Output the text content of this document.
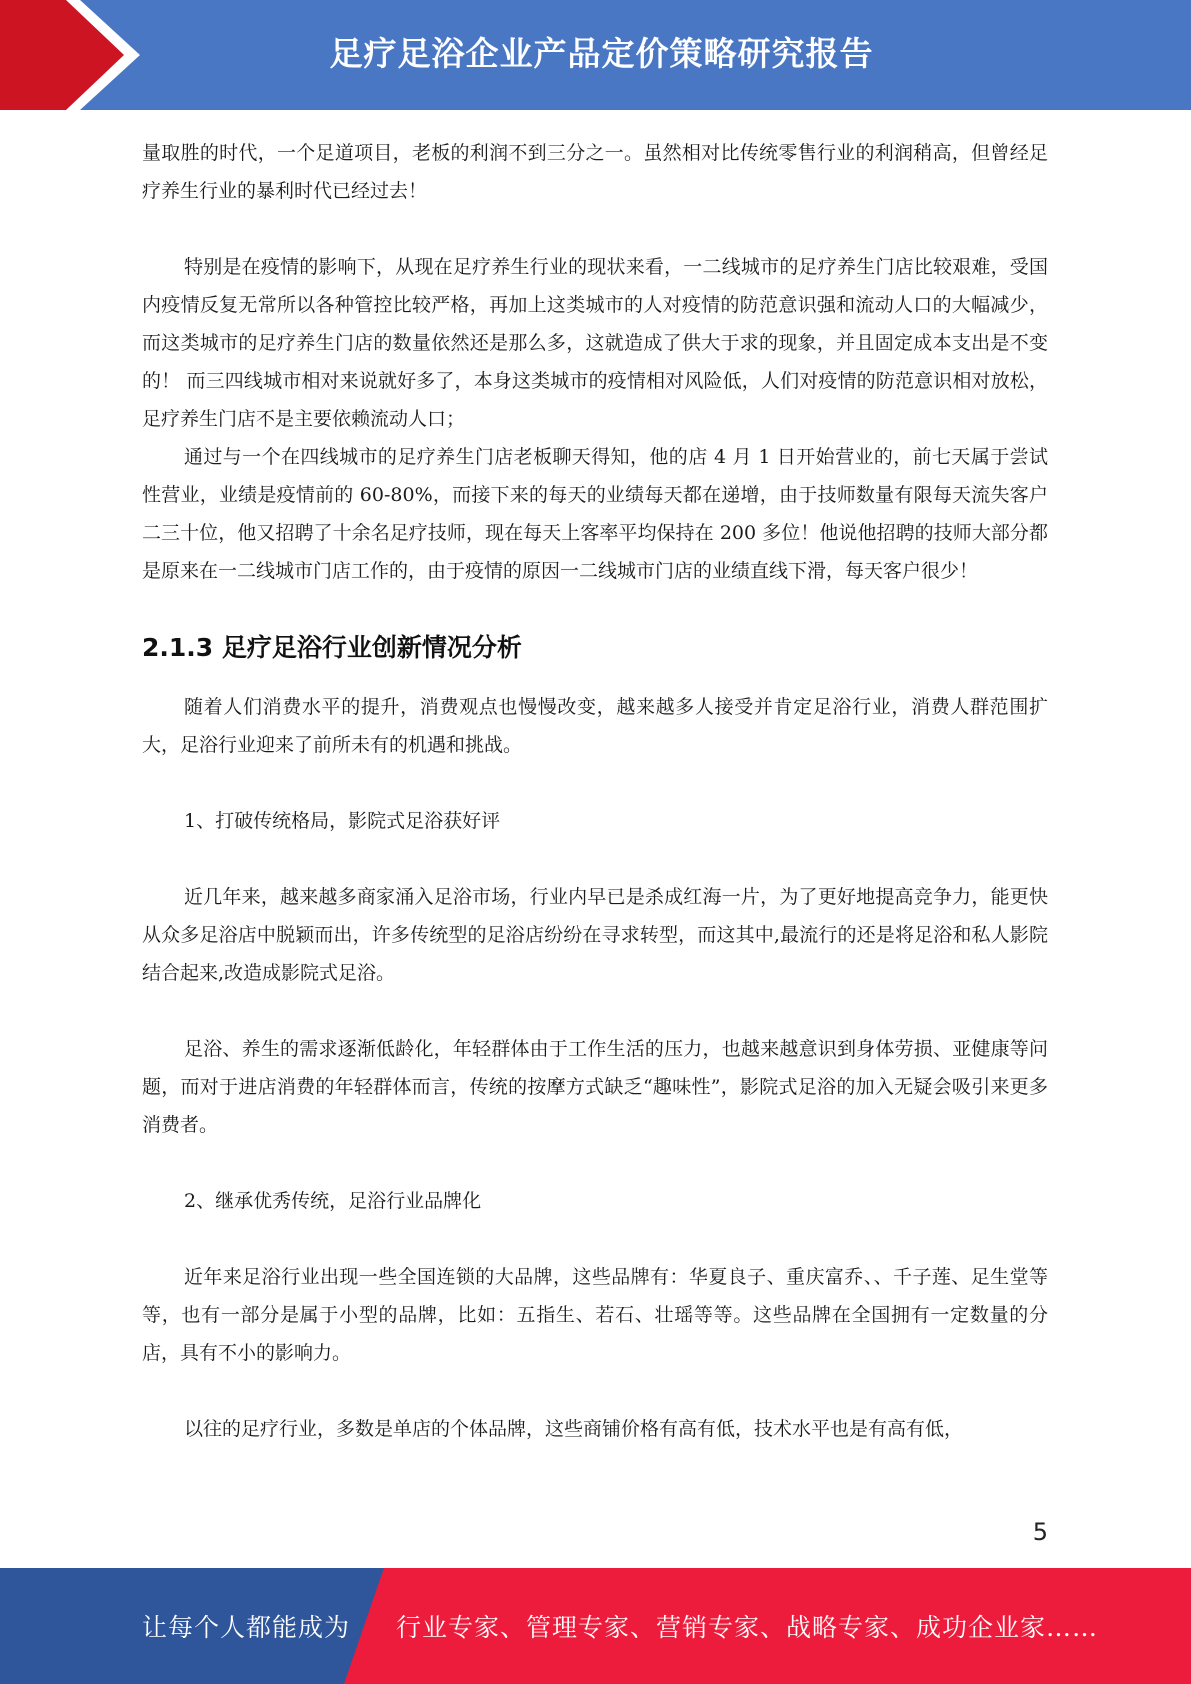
足疗足浴企业产品定价策略研究报告

量取胜的时代，一个足道项目，老板的利润不到三分之一。虽然相对比传统零售行业的利润稍高，但曾经足疗养生行业的暴利时代已经过去！

特别是在疫情的影响下，从现在足疗养生行业的现状来看，一二线城市的足疗养生门店比较艰难，受国内疫情反复无常所以各种管控比较严格，再加上这类城市的人对疫情的防范意识强和流动人口的大幅减少，而这类城市的足疗养生门店的数量依然还是那么多，这就造成了供大于求的现象，并且固定成本支出是不变的！ 而三四线城市相对来说就好多了，本身这类城市的疫情相对风险低，人们对疫情的防范意识相对放松，足疗养生门店不是主要依赖流动人口；

通过与一个在四线城市的足疗养生门店老板聊天得知，他的店 4 月 1 日开始营业的，前七天属于尝试性营业，业绩是疫情前的 60-80%，而接下来的每天的业绩每天都在递增，由于技师数量有限每天流失客户二三十位，他又招聘了十余名足疗技师，现在每天上客率平均保持在 200 多位！他说他招聘的技师大部分都是原来在一二线城市门店工作的，由于疫情的原因一二线城市门店的业绩直线下滑，每天客户很少！

2.1.3 足疗足浴行业创新情况分析

随着人们消费水平的提升，消费观点也慢慢改变，越来越多人接受并肯定足浴行业，消费人群范围扩大，足浴行业迎来了前所未有的机遇和挑战。

1、打破传统格局，影院式足浴获好评

近几年来，越来越多商家涌入足浴市场，行业内早已是杀成红海一片，为了更好地提高竞争力，能更快从众多足浴店中脱颖而出，许多传统型的足浴店纷纷在寻求转型，而这其中,最流行的还是将足浴和私人影院结合起来,改造成影院式足浴。

足浴、养生的需求逐渐低龄化，年轻群体由于工作生活的压力，也越来越意识到身体劳损、亚健康等问题，而对于进店消费的年轻群体而言，传统的按摩方式缺乏“趣味性”，影院式足浴的加入无疑会吸引来更多消费者。

2、继承优秀传统，足浴行业品牌化

近年来足浴行业出现一些全国连锁的大品牌，这些品牌有：华夏良子、重庆富乔、、千子莲、足生堂等等，也有一部分是属于小型的品牌，比如：五指生、若石、壮瑶等等。这些品牌在全国拥有一定数量的分店，具有不小的影响力。

以往的足疗行业，多数是单店的个体品牌，这些商铺价格有高有低，技术水平也是有高有低，

5
让每个人都能成为 行业专家、管理专家、营销专家、战略专家、成功企业家……
